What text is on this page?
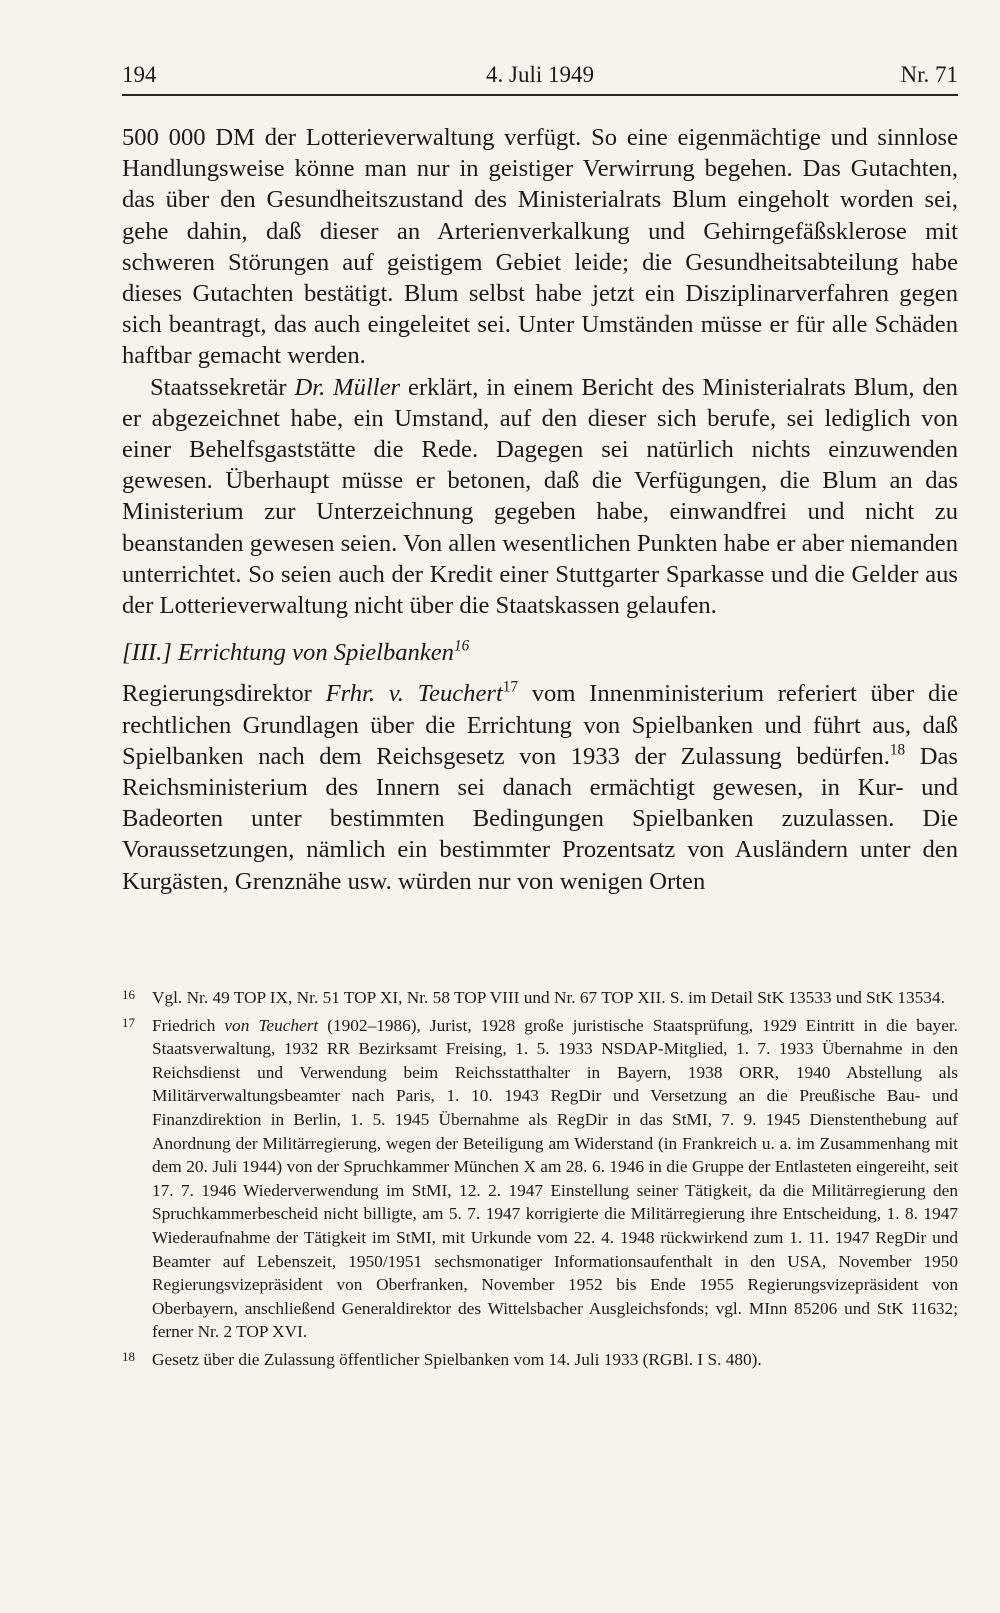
194	4. Juli 1949	Nr. 71

500 000 DM der Lotterieverwaltung verfügt. So eine eigenmächtige und sinnlose Handlungsweise könne man nur in geistiger Verwirrung begehen. Das Gutachten, das über den Gesundheitszustand des Ministerialrats Blum eingeholt worden sei, gehe dahin, daß dieser an Arterienverkalkung und Gehirngefäßsklerose mit schweren Störungen auf geistigem Gebiet leide; die Gesundheitsabteilung habe dieses Gutachten bestätigt. Blum selbst habe jetzt ein Disziplinarverfahren gegen sich beantragt, das auch eingeleitet sei. Unter Umständen müsse er für alle Schäden haftbar gemacht werden.

Staatssekretär Dr. Müller erklärt, in einem Bericht des Ministerialrats Blum, den er abgezeichnet habe, ein Umstand, auf den dieser sich berufe, sei lediglich von einer Behelfsgaststätte die Rede. Dagegen sei natürlich nichts einzuwenden gewesen. Überhaupt müsse er betonen, daß die Verfügungen, die Blum an das Ministerium zur Unterzeichnung gegeben habe, einwandfrei und nicht zu beanstanden gewesen seien. Von allen wesentlichen Punkten habe er aber niemanden unterrichtet. So seien auch der Kredit einer Stuttgarter Sparkasse und die Gelder aus der Lotterieverwaltung nicht über die Staatskassen gelaufen.

[III.] Errichtung von Spielbanken$^{16}$

Regierungsdirektor Frhr. v. Teuchert$^{17}$ vom Innenministerium referiert über die rechtlichen Grundlagen über die Errichtung von Spielbanken und führt aus, daß Spielbanken nach dem Reichsgesetz von 1933 der Zulassung bedürfen.$^{18}$ Das Reichsministerium des Innern sei danach ermächtigt gewesen, in Kur- und Badeorten unter bestimmten Bedingungen Spielbanken zuzulassen. Die Voraussetzungen, nämlich ein bestimmter Prozentsatz von Ausländern unter den Kurgästen, Grenznähe usw. würden nur von wenigen Orten

16 Vgl. Nr. 49 TOP IX, Nr. 51 TOP XI, Nr. 58 TOP VIII und Nr. 67 TOP XII. S. im Detail StK 13533 und StK 13534.

17 Friedrich von Teuchert (1902–1986), Jurist, 1928 große juristische Staatsprüfung, 1929 Eintritt in die bayer. Staatsverwaltung, 1932 RR Bezirksamt Freising, 1. 5. 1933 NSDAP-Mitglied, 1. 7. 1933 Übernahme in den Reichsdienst und Verwendung beim Reichsstatthalter in Bayern, 1938 ORR, 1940 Abstellung als Militärverwaltungsbeamter nach Paris, 1. 10. 1943 RegDir und Versetzung an die Preußische Bau- und Finanzdirektion in Berlin, 1. 5. 1945 Übernahme als RegDir in das StMI, 7. 9. 1945 Dienstenthebung auf Anordnung der Militärregierung, wegen der Beteiligung am Widerstand (in Frankreich u. a. im Zusammenhang mit dem 20. Juli 1944) von der Spruchkammer München X am 28. 6. 1946 in die Gruppe der Entlasteten eingereiht, seit 17. 7. 1946 Wiederverwendung im StMI, 12. 2. 1947 Einstellung seiner Tätigkeit, da die Militärregierung den Spruchkammerbescheid nicht billigte, am 5. 7. 1947 korrigierte die Militärregierung ihre Entscheidung, 1. 8. 1947 Wiederaufnahme der Tätigkeit im StMI, mit Urkunde vom 22. 4. 1948 rückwirkend zum 1. 11. 1947 RegDir und Beamter auf Lebenszeit, 1950/1951 sechsmonatiger Informationsaufenthalt in den USA, November 1950 Regierungsvizepräsident von Oberfranken, November 1952 bis Ende 1955 Regierungsvizepräsident von Oberbayern, anschließend Generaldirektor des Wittelsbacher Ausgleichsfonds; vgl. MInn 85206 und StK 11632; ferner Nr. 2 TOP XVI.

18 Gesetz über die Zulassung öffentlicher Spielbanken vom 14. Juli 1933 (RGBl. I S. 480).
